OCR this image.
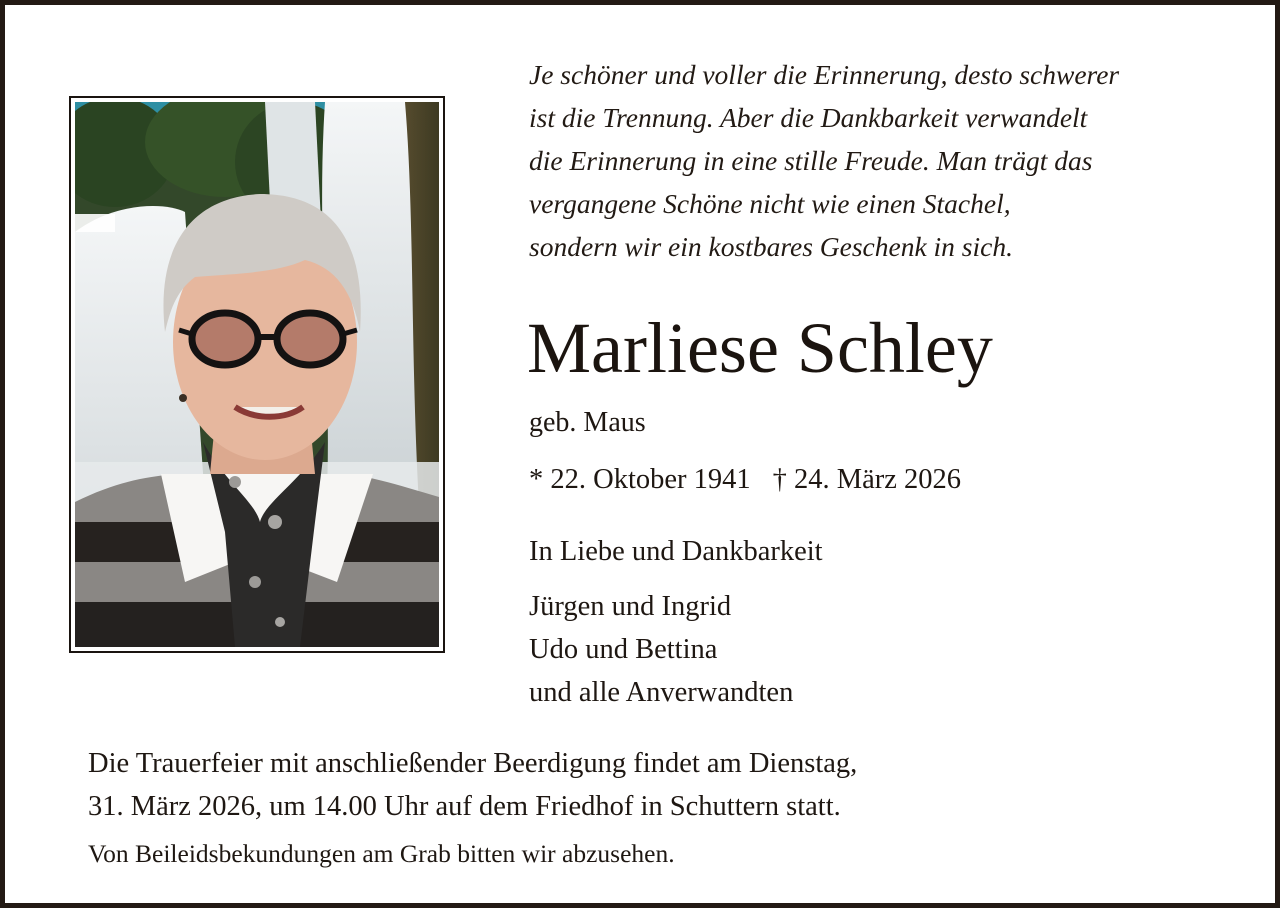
Je schöner und voller die Erinnerung, desto schwerer
ist die Trennung. Aber die Dankbarkeit verwandelt
die Erinnerung in eine stille Freude. Man trägt das
vergangene Schöne nicht wie einen Stachel,
sondern wir ein kostbares Geschenk in sich.
Marliese Schley
geb. Maus
* 22. Oktober 1941 † 24. März 2026
In Liebe und Dankbarkeit
Jürgen und Ingrid
Udo und Bettina
und alle Anverwandten
Die Trauerfeier mit anschließender Beerdigung findet am Dienstag,
31. März 2026, um 14.00 Uhr auf dem Friedhof in Schuttern statt.
Von Beileidsbekundungen am Grab bitten wir abzusehen.
